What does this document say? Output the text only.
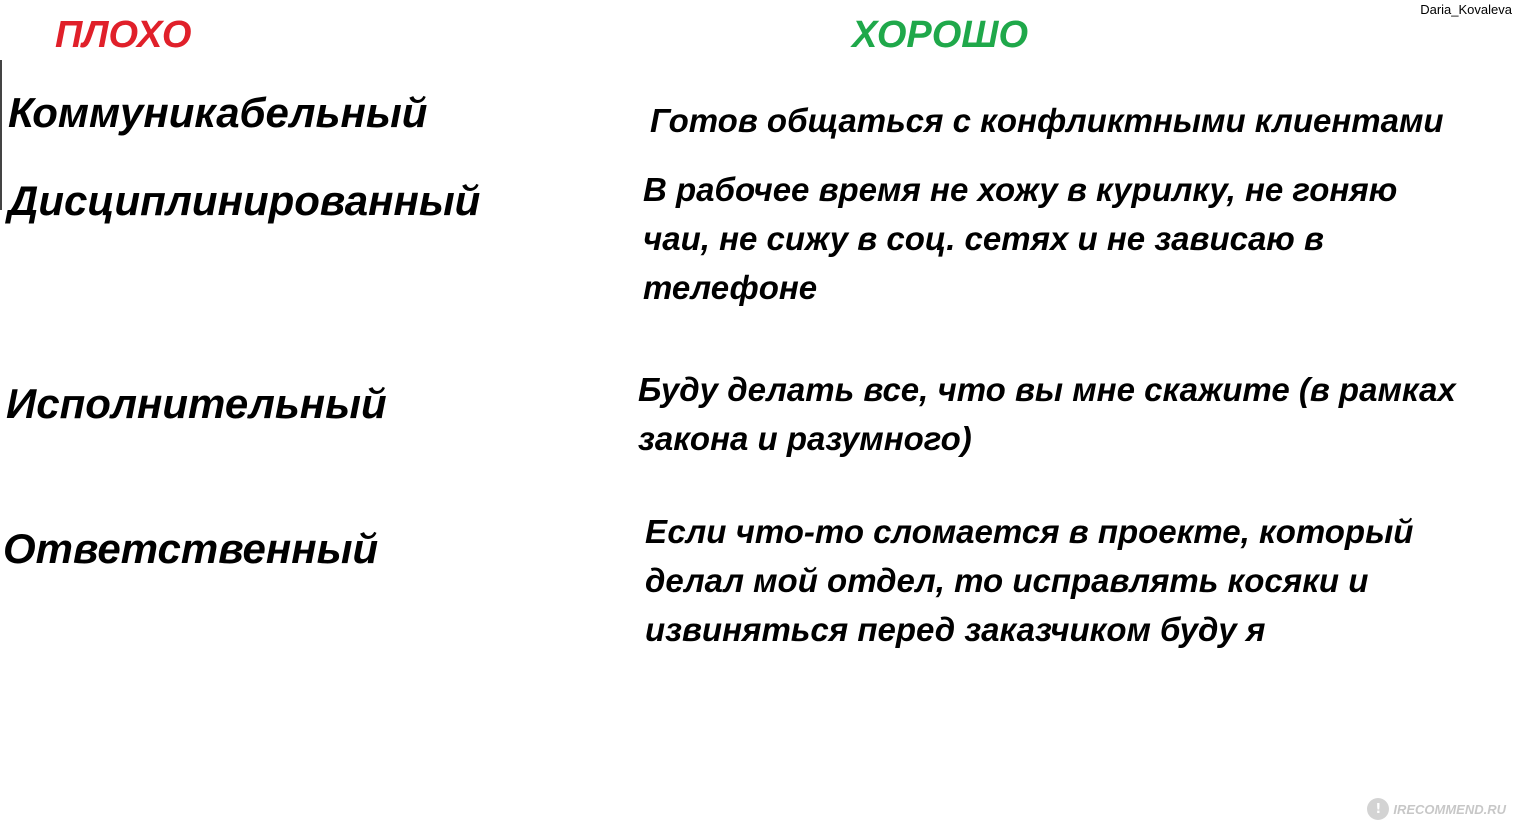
Daria_Kovaleva
ПЛОХО	ХОРОШО
Коммуникабельный	Готов общаться с конфликтными клиентами
Дисциплинированный	В рабочее время не хожу в курилку, не гоняю чаи, не сижу в соц. сетях и не зависаю в телефоне
Исполнительный	Буду делать все, что вы мне скажите (в рамках закона и разумного)
Ответственный	Если что-то сломается в проекте, который делал мой отдел, то исправлять косяки и извиняться перед заказчиком буду я
! IRECOMMEND.RU
